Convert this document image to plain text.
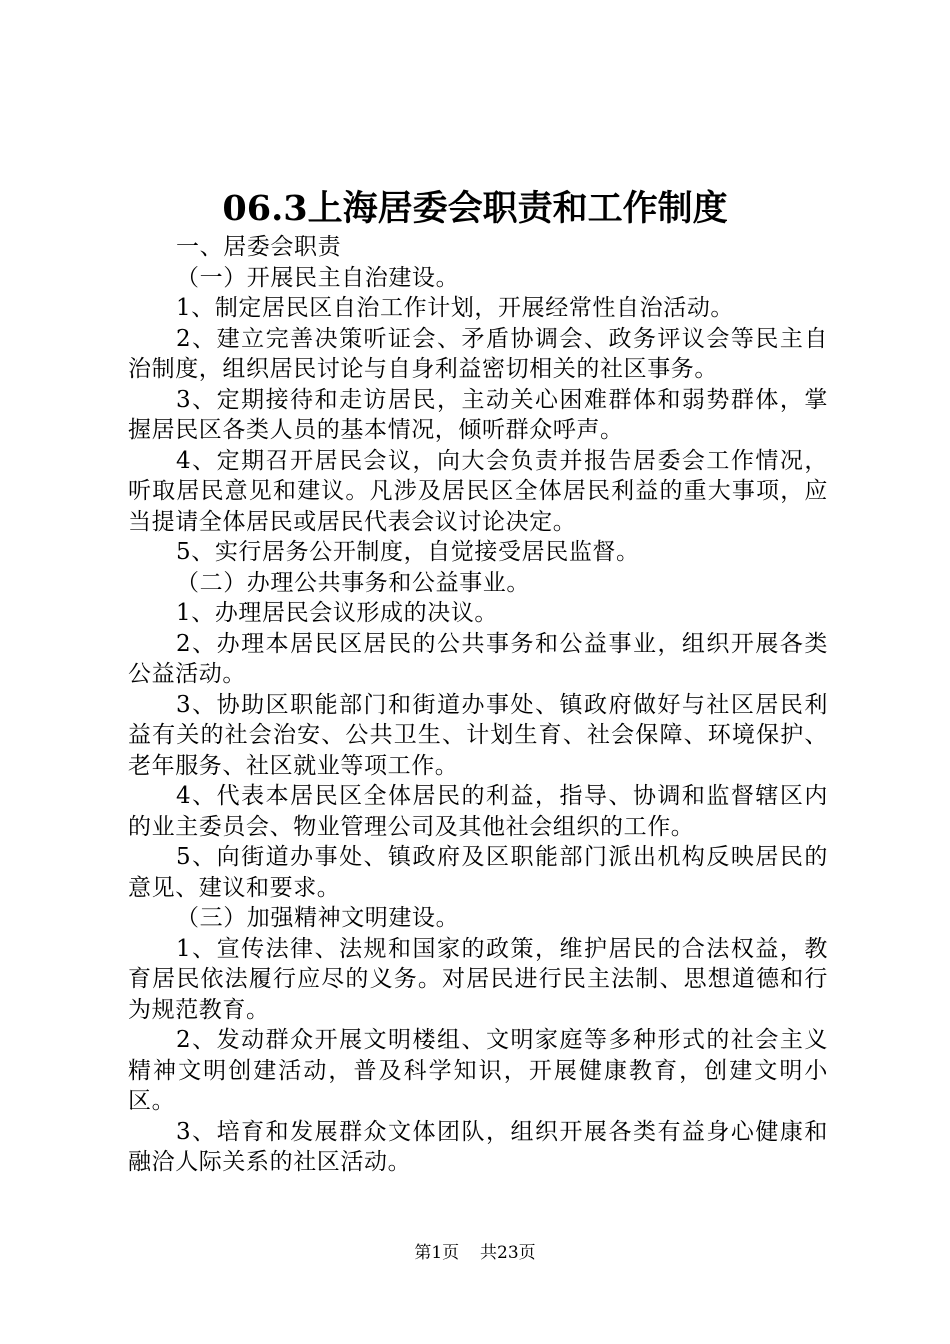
06.3上海居委会职责和工作制度

一、居委会职责

（一）开展民主自治建设。

1、制定居民区自治工作计划，开展经常性自治活动。

2、建立完善决策听证会、矛盾协调会、政务评议会等民主自治制度，组织居民讨论与自身利益密切相关的社区事务。

3、定期接待和走访居民，主动关心困难群体和弱势群体，掌握居民区各类人员的基本情况，倾听群众呼声。

4、定期召开居民会议，向大会负责并报告居委会工作情况，听取居民意见和建议。凡涉及居民区全体居民利益的重大事项，应当提请全体居民或居民代表会议讨论决定。

5、实行居务公开制度，自觉接受居民监督。

（二）办理公共事务和公益事业。

1、办理居民会议形成的决议。

2、办理本居民区居民的公共事务和公益事业，组织开展各类公益活动。

3、协助区职能部门和街道办事处、镇政府做好与社区居民利益有关的社会治安、公共卫生、计划生育、社会保障、环境保护、老年服务、社区就业等项工作。

4、代表本居民区全体居民的利益，指导、协调和监督辖区内的业主委员会、物业管理公司及其他社会组织的工作。

5、向街道办事处、镇政府及区职能部门派出机构反映居民的意见、建议和要求。

（三）加强精神文明建设。

1、宣传法律、法规和国家的政策，维护居民的合法权益，教育居民依法履行应尽的义务。对居民进行民主法制、思想道德和行为规范教育。

2、发动群众开展文明楼组、文明家庭等多种形式的社会主义精神文明创建活动，普及科学知识，开展健康教育，创建文明小区。

3、培育和发展群众文体团队，组织开展各类有益身心健康和融洽人际关系的社区活动。

第1页 共23页
